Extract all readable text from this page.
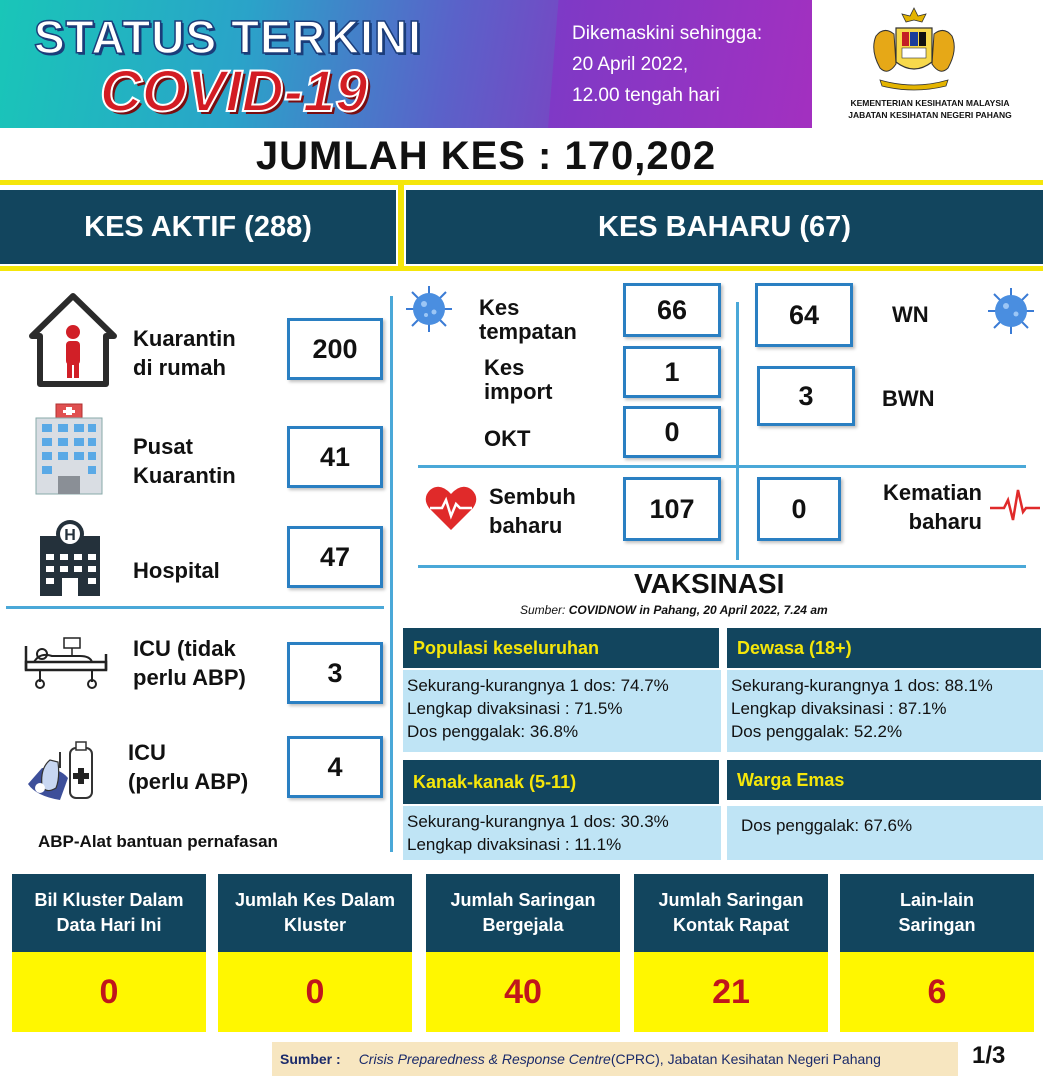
STATUS TERKINI
COVID-19
Dikemaskini sehingga:
20 April 2022,
12.00 tengah hari	KEMENTERIAN KESIHATAN MALAYSIA
JABATAN KESIHATAN NEGERI PAHANG
JUMLAH KES : 170,202
KES AKTIF (288)	KES BAHARU (67)
Kuarantin
di rumah
200
Pusat
Kuarantin
41
H
Hospital	47
ICU (tidak
perlu ABP)	3
ICU
(perlu ABP)	4
ABP-Alat bantuan pernafasan
Kes
tempatan
66
Kes
import
1
OKT	0
64	WN
3	BWN
Sembuh
baharu
107	0
Kematian
baharu
VAKSINASI
Sumber: COVIDNOW in Pahang, 20 April 2022, 7.24 am
Populasi keseluruhan
Sekurang-kurangnya 1 dos: 74.7%
Lengkap divaksinasi : 71.5%
Dos penggalak: 36.8%
Dewasa (18+)
Sekurang-kurangnya 1 dos: 88.1%
Lengkap divaksinasi : 87.1%
Dos penggalak: 52.2%
Kanak-kanak (5-11)
Sekurang-kurangnya 1 dos: 30.3%
Lengkap divaksinasi : 11.1%
Warga Emas
Dos penggalak: 67.6%
Bil Kluster Dalam
Data Hari Ini
0
Jumlah Kes Dalam
Kluster
0
Jumlah Saringan
Bergejala
40
Jumlah Saringan
Kontak Rapat
21
Lain-lain
Saringan
6
Sumber : Crisis Preparedness & Response Centre (CPRC), Jabatan Kesihatan Negeri Pahang	1/3
